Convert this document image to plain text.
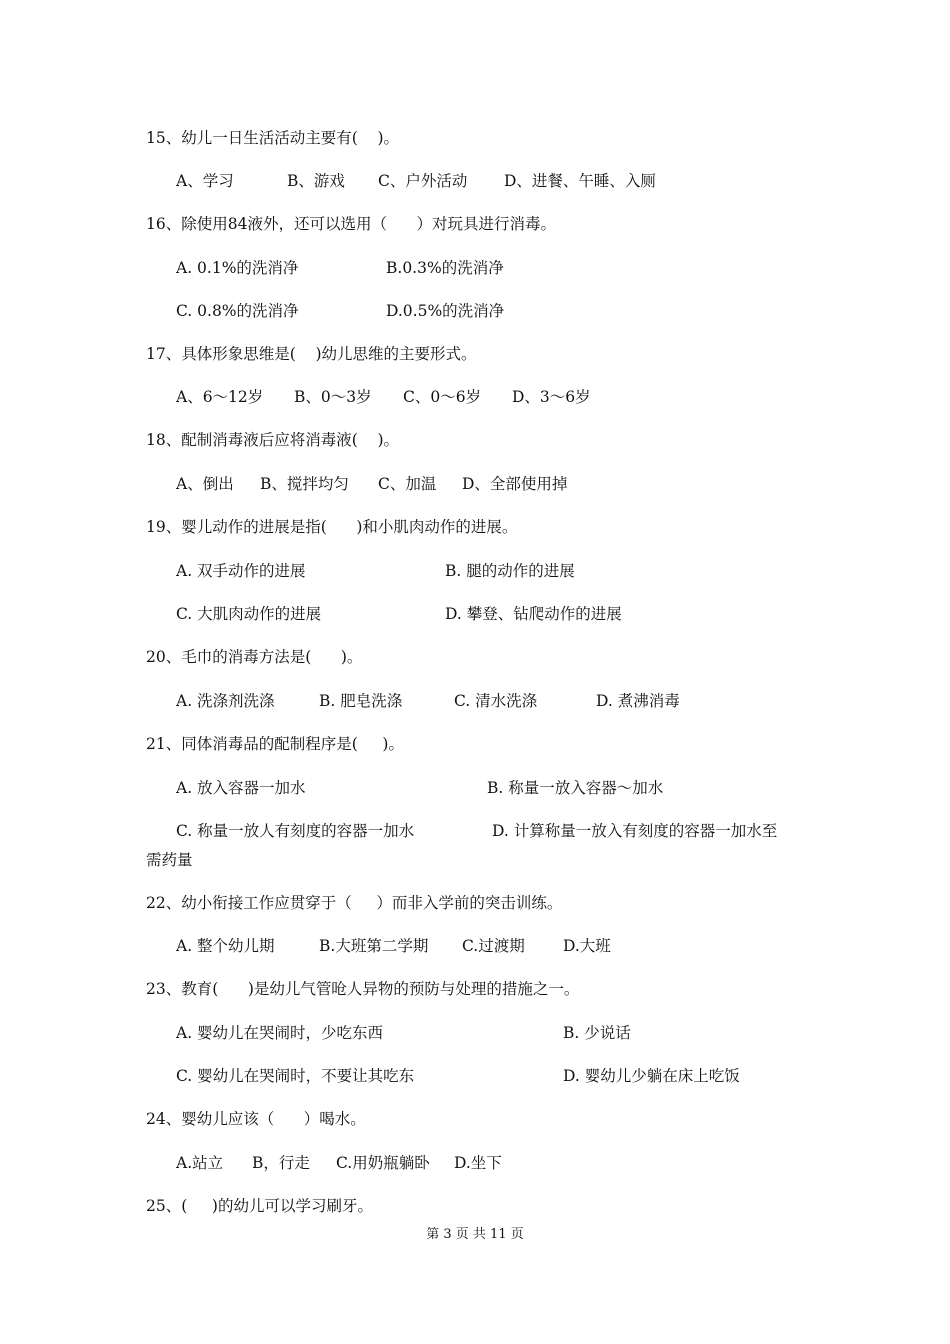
15、幼儿一日生活活动主要有(    )。
A、学习	B、游戏 C、户外活动 D、进餐、午睡、入厕
16、除使用84液外，还可以选用（      ）对玩具进行消毒。
A. 0.1%的洗消净	B.0.3%的洗消净
C. 0.8%的洗消净	D.0.5%的洗消净
17、具体形象思维是(    )幼儿思维的主要形式。
A、6～12岁 B、0～3岁 C、0～6岁 D、3～6岁
18、配制消毒液后应将消毒液(    )。
A、倒出 B、搅拌均匀 C、加温 D、全部使用掉
19、婴儿动作的进展是指(      )和小肌肉动作的进展。
A. 双手动作的进展	B. 腿的动作的进展
C. 大肌肉动作的进展	D. 攀登、钻爬动作的进展
20、毛巾的消毒方法是(      )。
A. 洗涤剂洗涤	B. 肥皂洗涤	C. 清水洗涤	D. 煮沸消毒
21、同体消毒品的配制程序是(     )。
A. 放入容器一加水	B. 称量一放入容器～加水
C. 称量一放人有刻度的容器一加水	D. 计算称量一放入有刻度的容器一加水至
需药量
22、幼小衔接工作应贯穿于（     ）而非入学前的突击训练。
A. 整个幼儿期	B.大班第二学期 C.过渡期 D.大班
23、教育(      )是幼儿气管呛人异物的预防与处理的措施之一。
A. 婴幼儿在哭闹时，少吃东西	B. 少说话
C. 婴幼儿在哭闹时，不要让其吃东	D. 婴幼儿少躺在床上吃饭
24、婴幼儿应该（      ）喝水。
A.站立 B，行走 C.用奶瓶躺卧 D.坐下
25、(     )的幼儿可以学习刷牙。
第 3 页 共 11 页
